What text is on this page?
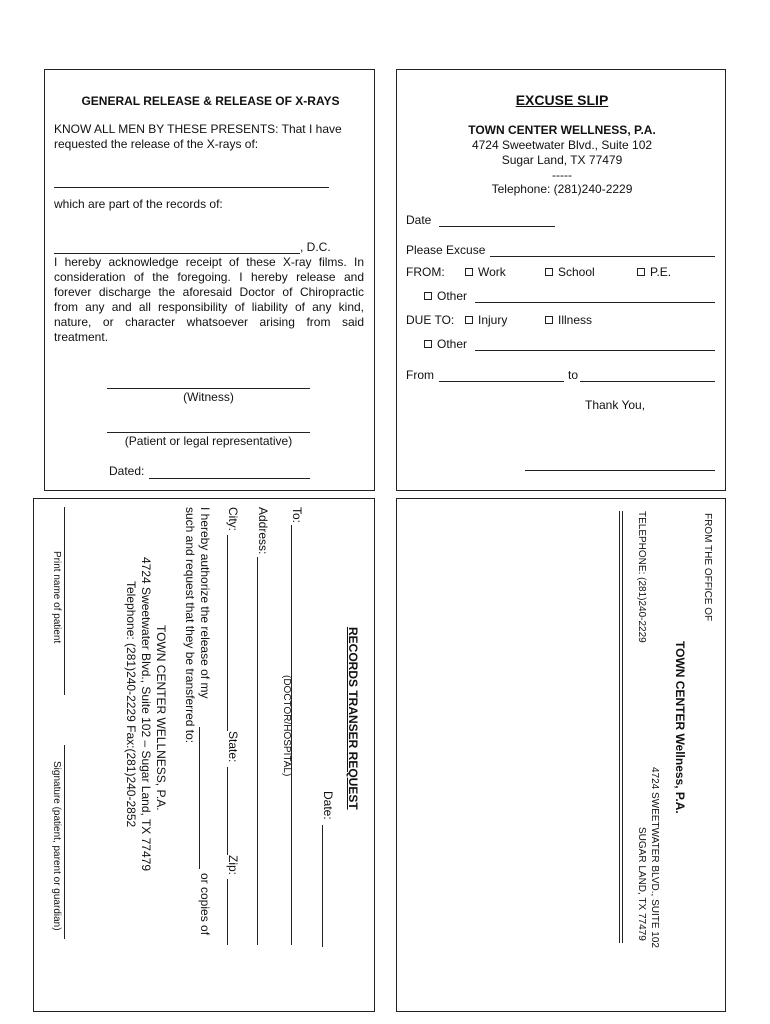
GENERAL RELEASE & RELEASE OF X-RAYS
KNOW ALL MEN BY THESE PRESENTS: That I have
requested the release of the X-rays of:
which are part of the records of:
, D.C.
I hereby acknowledge receipt of these X-ray films. In consideration of the foregoing. I hereby release and forever discharge the aforesaid Doctor of Chiropractic from any and all responsibility of liability of any kind, nature, or character whatsoever arising from said treatment.
(Witness)
(Patient or legal representative)
Dated:
EXCUSE SLIP
TOWN CENTER WELLNESS, P.A.
4724 Sweetwater Blvd., Suite 102
Sugar Land, TX 77479
-----
Telephone: (281)240-2229
Date
Please Excuse
FROM:	Work	School	P.E.
Other
DUE TO:	Injury	Illness
Other
From	to
Thank You,
RECORDS TRANSER REQUEST
Date:
To:
(DOCTOR/HOSPITAL)
Address:
City:
State:
Zip:
I hereby authorize the release of my
or copies of
such and request that they be transferred to:
TOWN CENTER WELLNESS, P.A.
4724 Sweetwater Blvd., Suite 102 – Sugar Land, TX 77479
Telephone: (281)240-2229 Fax:(281)240-2852
Print name of patient
Signature (patient, parent or guardian)
FROM THE OFFICE OF
TELEPHONE: (281)240-2229
TOWN CENTER Wellness, P.A.
4724 SWEETWATER BLVD., SUITE 102
SUGAR LAND, TX 77479
